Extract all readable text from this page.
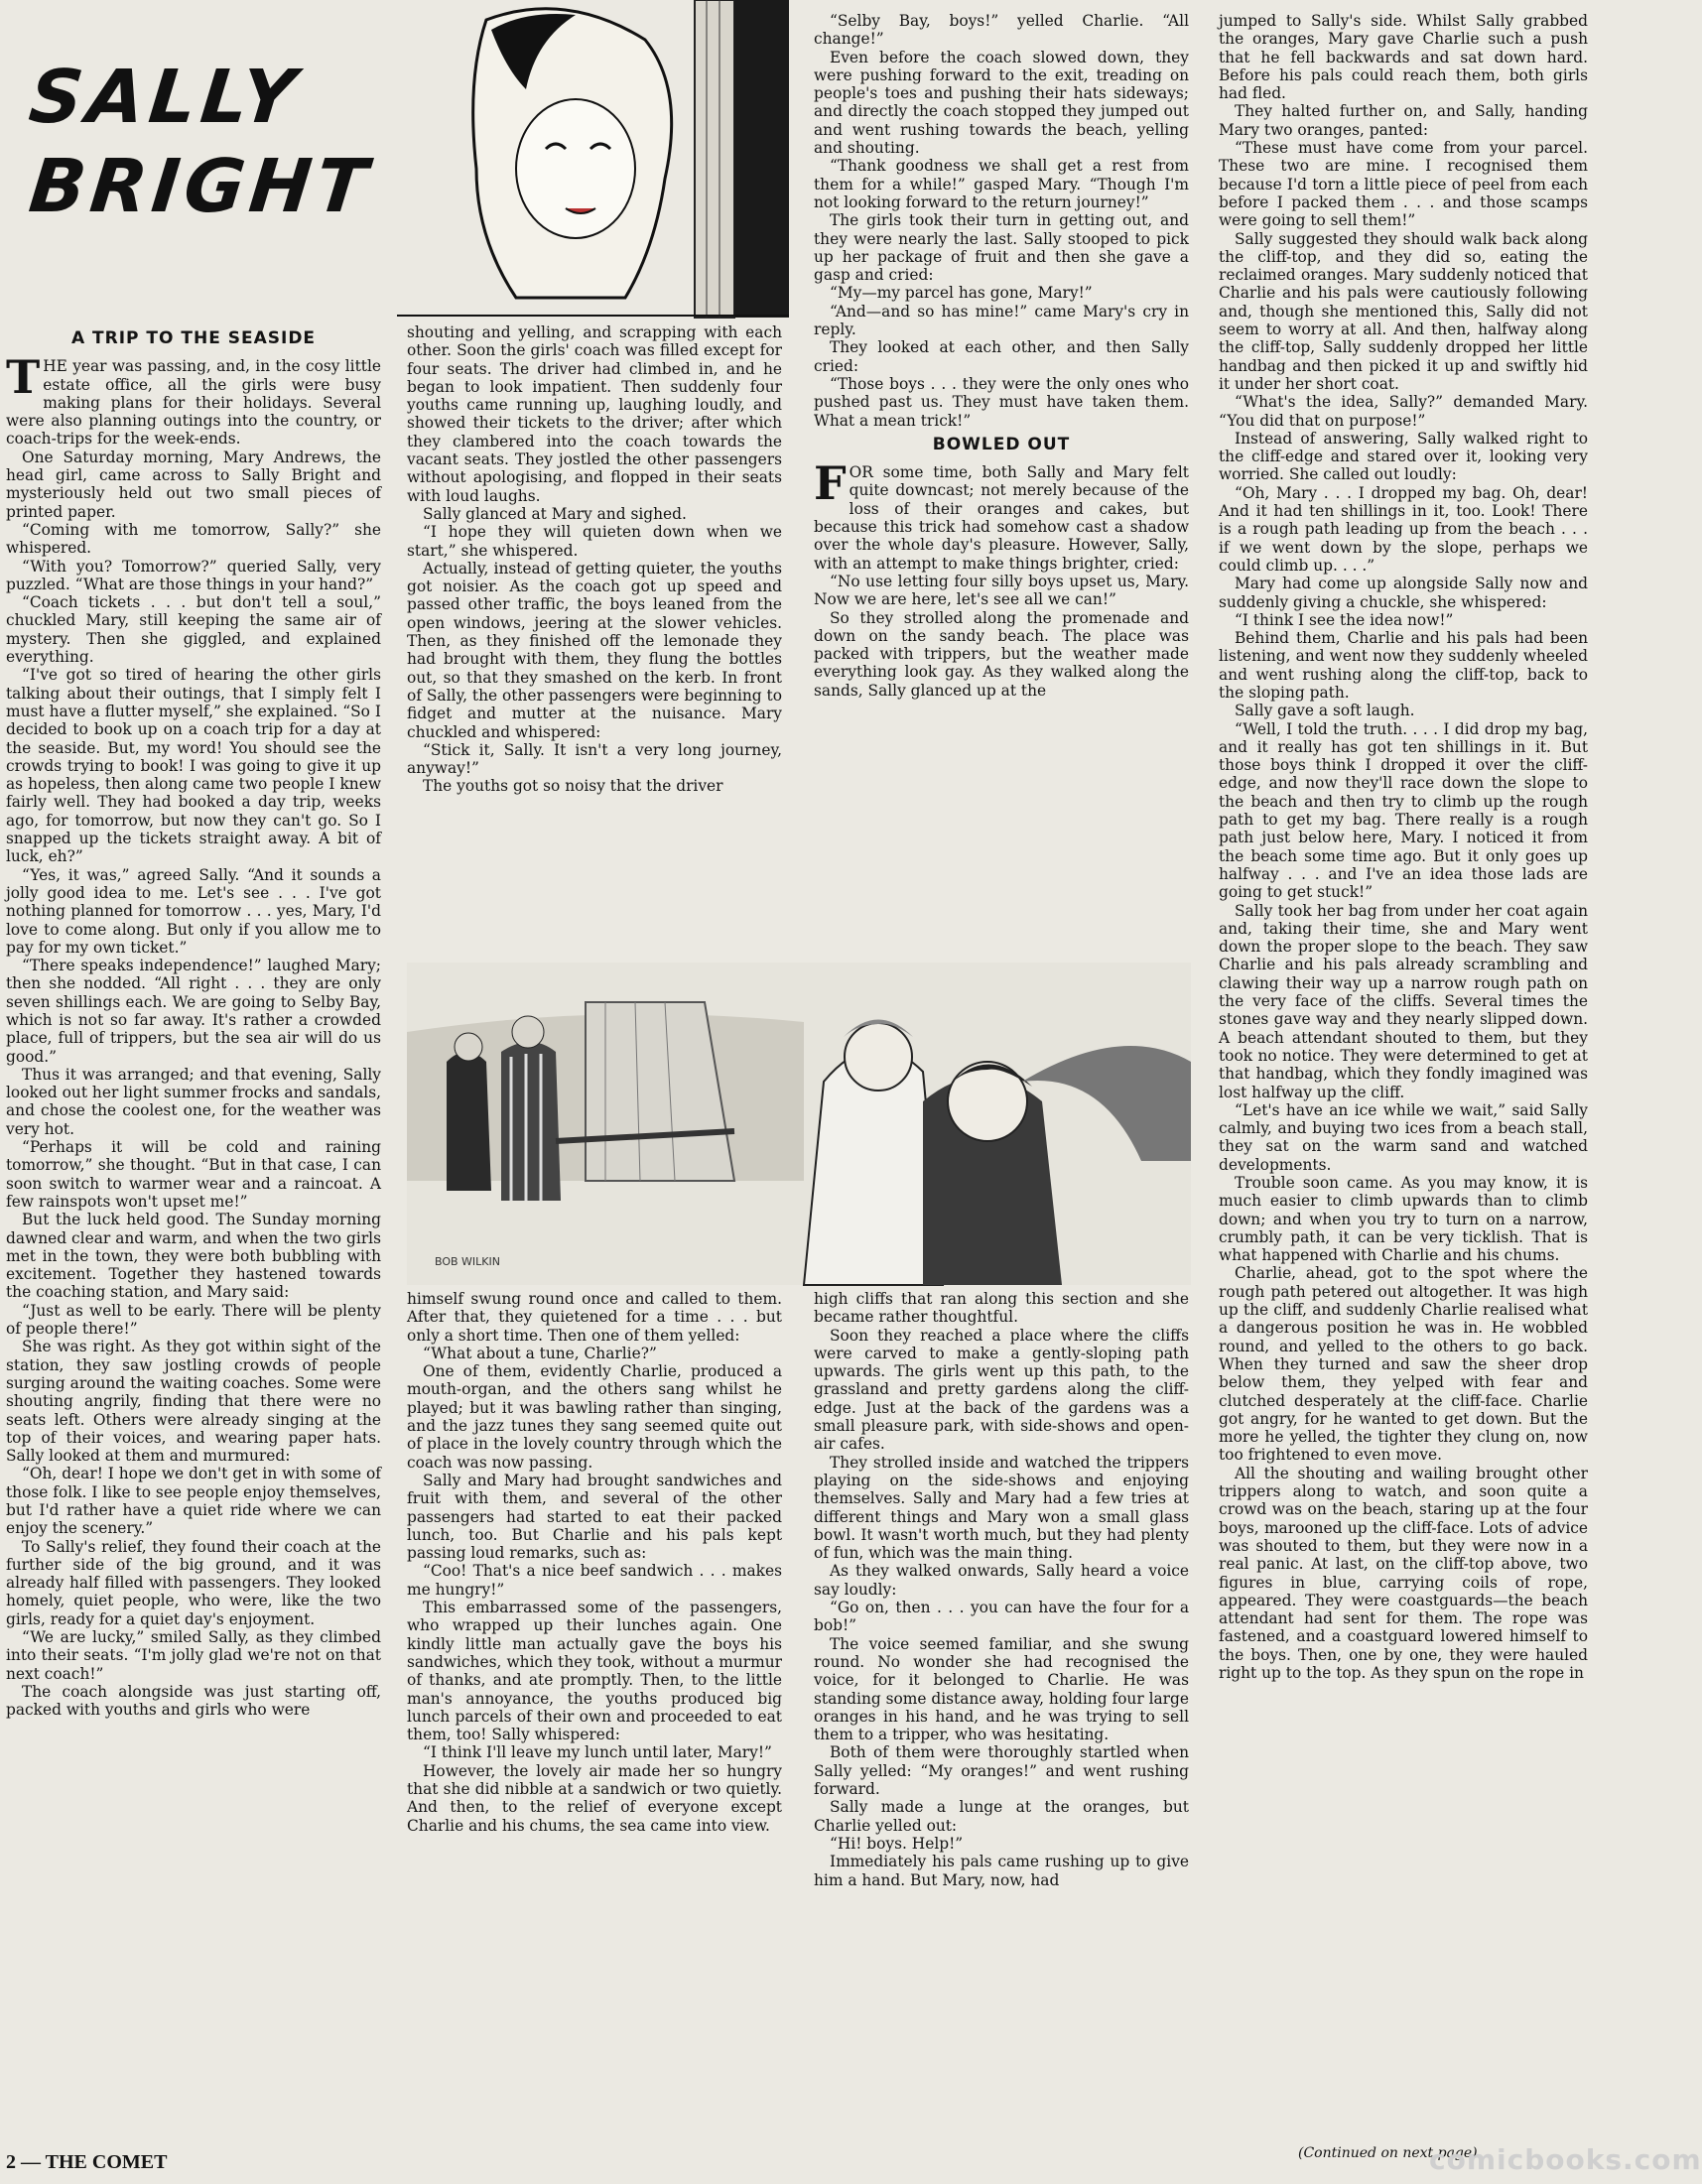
SALLY
BRIGHT
A TRIP TO THE SEASIDE

THE year was passing, and, in the cosy little estate office, all the girls were busy making plans for their holidays. Several were also planning outings into the country, or coach-trips for the week-ends.

One Saturday morning, Mary Andrews, the head girl, came across to Sally Bright and mysteriously held out two small pieces of printed paper.

“Coming with me tomorrow, Sally?” she whispered.

“With you? Tomorrow?” queried Sally, very puzzled. “What are those things in your hand?”

“Coach tickets . . . but don't tell a soul,” chuckled Mary, still keeping the same air of mystery. Then she giggled, and explained everything.

“I've got so tired of hearing the other girls talking about their outings, that I simply felt I must have a flutter myself,” she explained. “So I decided to book up on a coach trip for a day at the seaside. But, my word! You should see the crowds trying to book! I was going to give it up as hopeless, then along came two people I knew fairly well. They had booked a day trip, weeks ago, for tomorrow, but now they can't go. So I snapped up the tickets straight away. A bit of luck, eh?”

“Yes, it was,” agreed Sally. “And it sounds a jolly good idea to me. Let's see . . . I've got nothing planned for tomorrow . . . yes, Mary, I'd love to come along. But only if you allow me to pay for my own ticket.”

“There speaks independence!” laughed Mary; then she nodded. “All right . . . they are only seven shillings each. We are going to Selby Bay, which is not so far away. It's rather a crowded place, full of trippers, but the sea air will do us good.”

Thus it was arranged; and that evening, Sally looked out her light summer frocks and sandals, and chose the coolest one, for the weather was very hot.

“Perhaps it will be cold and raining tomorrow,” she thought. “But in that case, I can soon switch to warmer wear and a raincoat. A few rainspots won't upset me!”

But the luck held good. The Sunday morning dawned clear and warm, and when the two girls met in the town, they were both bubbling with excitement. Together they hastened towards the coaching station, and Mary said:

“Just as well to be early. There will be plenty of people there!”

She was right. As they got within sight of the station, they saw jostling crowds of people surging around the waiting coaches. Some were shouting angrily, finding that there were no seats left. Others were already singing at the top of their voices, and wearing paper hats. Sally looked at them and murmured:

“Oh, dear! I hope we don't get in with some of those folk. I like to see people enjoy themselves, but I'd rather have a quiet ride where we can enjoy the scenery.”

To Sally's relief, they found their coach at the further side of the big ground, and it was already half filled with passengers. They looked homely, quiet people, who were, like the two girls, ready for a quiet day's enjoyment.

“We are lucky,” smiled Sally, as they climbed into their seats. “I'm jolly glad we're not on that next coach!”

The coach alongside was just starting off, packed with youths and girls who were

shouting and yelling, and scrapping with each other. Soon the girls' coach was filled except for four seats. The driver had climbed in, and he began to look impatient. Then suddenly four youths came running up, laughing loudly, and showed their tickets to the driver; after which they clambered into the coach towards the vacant seats. They jostled the other passengers without apologising, and flopped in their seats with loud laughs.

Sally glanced at Mary and sighed.

“I hope they will quieten down when we start,” she whispered.

Actually, instead of getting quieter, the youths got noisier. As the coach got up speed and passed other traffic, the boys leaned from the open windows, jeering at the slower vehicles. Then, as they finished off the lemonade they had brought with them, they flung the bottles out, so that they smashed on the kerb. In front of Sally, the other passengers were beginning to fidget and mutter at the nuisance. Mary chuckled and whispered:

“Stick it, Sally. It isn't a very long journey, anyway!”

The youths got so noisy that the driver

“Selby Bay, boys!” yelled Charlie. “All change!”

Even before the coach slowed down, they were pushing forward to the exit, treading on people's toes and pushing their hats sideways; and directly the coach stopped they jumped out and went rushing towards the beach, yelling and shouting.

“Thank goodness we shall get a rest from them for a while!” gasped Mary. “Though I'm not looking forward to the return journey!”

The girls took their turn in getting out, and they were nearly the last. Sally stooped to pick up her package of fruit and then she gave a gasp and cried:

“My—my parcel has gone, Mary!”

“And—and so has mine!” came Mary's cry in reply.

They looked at each other, and then Sally cried:

“Those boys . . . they were the only ones who pushed past us. They must have taken them. What a mean trick!”

BOWLED OUT

FOR some time, both Sally and Mary felt quite downcast; not merely because of the loss of their oranges and cakes, but because this trick had somehow cast a shadow over the whole day's pleasure. However, Sally, with an attempt to make things brighter, cried:

“No use letting four silly boys upset us, Mary. Now we are here, let's see all we can!”

So they strolled along the promenade and down on the sandy beach. The place was packed with trippers, but the weather made everything look gay. As they walked along the sands, Sally glanced up at the

BOB WILKIN

himself swung round once and called to them. After that, they quietened for a time . . . but only a short time. Then one of them yelled:

“What about a tune, Charlie?”

One of them, evidently Charlie, produced a mouth-organ, and the others sang whilst he played; but it was bawling rather than singing, and the jazz tunes they sang seemed quite out of place in the lovely country through which the coach was now passing.

Sally and Mary had brought sandwiches and fruit with them, and several of the other passengers had started to eat their packed lunch, too. But Charlie and his pals kept passing loud remarks, such as:

“Coo! That's a nice beef sandwich . . . makes me hungry!”

This embarrassed some of the passengers, who wrapped up their lunches again. One kindly little man actually gave the boys his sandwiches, which they took, without a murmur of thanks, and ate promptly. Then, to the little man's annoyance, the youths produced big lunch parcels of their own and proceeded to eat them, too! Sally whispered:

“I think I'll leave my lunch until later, Mary!”

However, the lovely air made her so hungry that she did nibble at a sandwich or two quietly. And then, to the relief of everyone except Charlie and his chums, the sea came into view.

high cliffs that ran along this section and she became rather thoughtful.

Soon they reached a place where the cliffs were carved to make a gently-sloping path upwards. The girls went up this path, to the grassland and pretty gardens along the cliff-edge. Just at the back of the gardens was a small pleasure park, with side-shows and open-air cafes.

They strolled inside and watched the trippers playing on the side-shows and enjoying themselves. Sally and Mary had a few tries at different things and Mary won a small glass bowl. It wasn't worth much, but they had plenty of fun, which was the main thing.

As they walked onwards, Sally heard a voice say loudly:

“Go on, then . . . you can have the four for a bob!”

The voice seemed familiar, and she swung round. No wonder she had recognised the voice, for it belonged to Charlie. He was standing some distance away, holding four large oranges in his hand, and he was trying to sell them to a tripper, who was hesitating.

Both of them were thoroughly startled when Sally yelled: “My oranges!” and went rushing forward.

Sally made a lunge at the oranges, but Charlie yelled out:

“Hi! boys. Help!”

Immediately his pals came rushing up to give him a hand. But Mary, now, had

jumped to Sally's side. Whilst Sally grabbed the oranges, Mary gave Charlie such a push that he fell backwards and sat down hard. Before his pals could reach them, both girls had fled.

They halted further on, and Sally, handing Mary two oranges, panted:

“These must have come from your parcel. These two are mine. I recognised them because I'd torn a little piece of peel from each before I packed them . . . and those scamps were going to sell them!”

Sally suggested they should walk back along the cliff-top, and they did so, eating the reclaimed oranges. Mary suddenly noticed that Charlie and his pals were cautiously following and, though she mentioned this, Sally did not seem to worry at all. And then, halfway along the cliff-top, Sally suddenly dropped her little handbag and then picked it up and swiftly hid it under her short coat.

“What's the idea, Sally?” demanded Mary. “You did that on purpose!”

Instead of answering, Sally walked right to the cliff-edge and stared over it, looking very worried. She called out loudly:

“Oh, Mary . . . I dropped my bag. Oh, dear! And it had ten shillings in it, too. Look! There is a rough path leading up from the beach . . . if we went down by the slope, perhaps we could climb up. . . .”

Mary had come up alongside Sally now and suddenly giving a chuckle, she whispered:

“I think I see the idea now!”

Behind them, Charlie and his pals had been listening, and went now they suddenly wheeled and went rushing along the cliff-top, back to the sloping path.

Sally gave a soft laugh.

“Well, I told the truth. . . . I did drop my bag, and it really has got ten shillings in it. But those boys think I dropped it over the cliff-edge, and now they'll race down the slope to the beach and then try to climb up the rough path to get my bag. There really is a rough path just below here, Mary. I noticed it from the beach some time ago. But it only goes up halfway . . . and I've an idea those lads are going to get stuck!”

Sally took her bag from under her coat again and, taking their time, she and Mary went down the proper slope to the beach. They saw Charlie and his pals already scrambling and clawing their way up a narrow rough path on the very face of the cliffs. Several times the stones gave way and they nearly slipped down. A beach attendant shouted to them, but they took no notice. They were determined to get at that handbag, which they fondly imagined was lost halfway up the cliff.

“Let's have an ice while we wait,” said Sally calmly, and buying two ices from a beach stall, they sat on the warm sand and watched developments.

Trouble soon came. As you may know, it is much easier to climb upwards than to climb down; and when you try to turn on a narrow, crumbly path, it can be very ticklish. That is what happened with Charlie and his chums.

Charlie, ahead, got to the spot where the rough path petered out altogether. It was high up the cliff, and suddenly Charlie realised what a dangerous position he was in. He wobbled round, and yelled to the others to go back. When they turned and saw the sheer drop below them, they yelped with fear and clutched desperately at the cliff-face. Charlie got angry, for he wanted to get down. But the more he yelled, the tighter they clung on, now too frightened to even move.

All the shouting and wailing brought other trippers along to watch, and soon quite a crowd was on the beach, staring up at the four boys, marooned up the cliff-face. Lots of advice was shouted to them, but they were now in a real panic. At last, on the cliff-top above, two figures in blue, carrying coils of rope, appeared. They were coastguards—the beach attendant had sent for them. The rope was fastened, and a coastguard lowered himself to the boys. Then, one by one, they were hauled right up to the top. As they spun on the rope in

(Continued on next page)
2 — THE COMET	comicbooks.com
